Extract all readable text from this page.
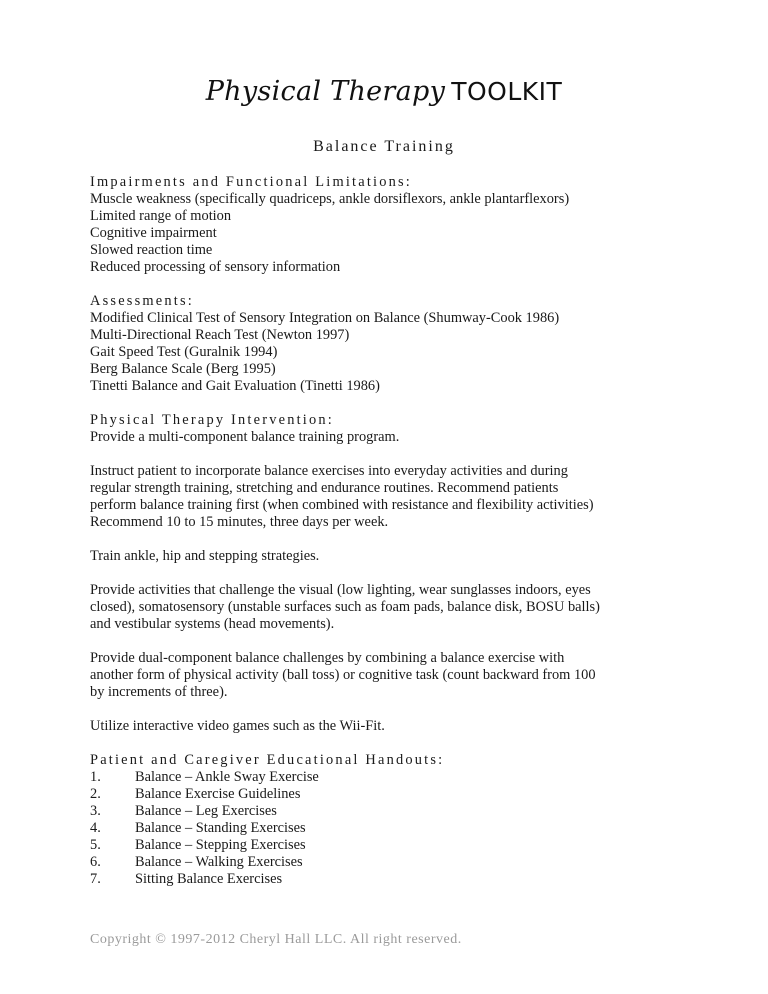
Physical Therapy TOOLKIT
Balance Training
Impairments and Functional Limitations:
Muscle weakness (specifically quadriceps, ankle dorsiflexors, ankle plantarflexors)
Limited range of motion
Cognitive impairment
Slowed reaction time
Reduced processing of sensory information
Assessments:
Modified Clinical Test of Sensory Integration on Balance (Shumway-Cook 1986)
Multi-Directional Reach Test (Newton 1997)
Gait Speed Test (Guralnik 1994)
Berg Balance Scale (Berg 1995)
Tinetti Balance and Gait Evaluation (Tinetti 1986)
Physical Therapy Intervention:
Provide a multi-component balance training program.
Instruct patient to incorporate balance exercises into everyday activities and during
regular strength training, stretching and endurance routines. Recommend patients
perform balance training first (when combined with resistance and flexibility activities)
Recommend 10 to 15 minutes, three days per week.
Train ankle, hip and stepping strategies.
Provide activities that challenge the visual (low lighting, wear sunglasses indoors, eyes
closed), somatosensory (unstable surfaces such as foam pads, balance disk, BOSU balls)
and vestibular systems (head movements).
Provide dual-component balance challenges by combining a balance exercise with
another form of physical activity (ball toss) or cognitive task (count backward from 100
by increments of three).
Utilize interactive video games such as the Wii-Fit.
Patient and Caregiver Educational Handouts:
1. Balance – Ankle Sway Exercise
2. Balance Exercise Guidelines
3. Balance – Leg Exercises
4. Balance – Standing Exercises
5. Balance – Stepping Exercises
6. Balance – Walking Exercises
7. Sitting Balance Exercises
Copyright © 1997-2012 Cheryl Hall LLC. All right reserved.
